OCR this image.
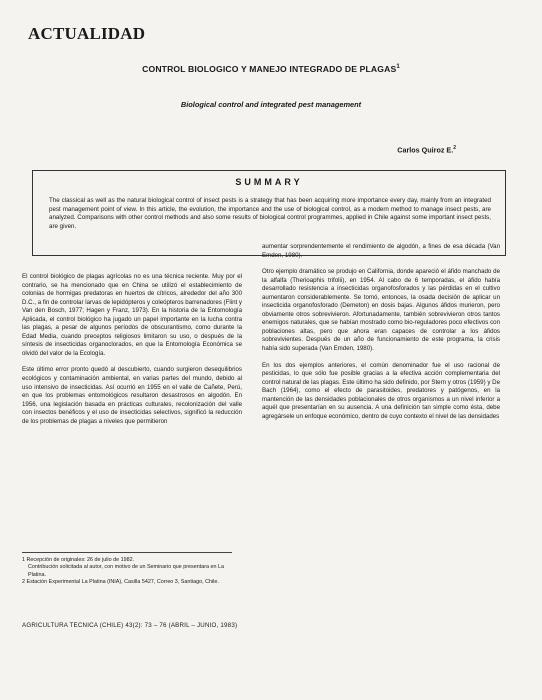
ACTUALIDAD
CONTROL BIOLOGICO Y MANEJO INTEGRADO DE PLAGAS$^1$
Biological control and integrated pest management
Carlos Quiroz E.$^2$
SUMMARY
The classical as well as the natural biological control of insect pests is a strategy that has been acquiring more importance every day, mainly from an integrated pest management point of view. In this article, the evolution, the importance and the use of biological control, as a modern method to manage insect pests, are analyzed. Comparisons with other control methods and also some results of biological control programmes, applied in Chile against some important insect pests, are given.

El control biológico de plagas agrícolas no es una técnica reciente. Muy por el contrario, se ha mencionado que en China se utilizó el establecimiento de colonias de hormigas predatoras en huertos de cítricos, alrededor del año 300 D.C., a fin de controlar larvas de lepidópteros y coleópteros barrenadores (Flint y Van den Bosch, 1977; Hagen y Franz, 1973). En la historia de la Entomología Aplicada, el control biológico ha jugado un papel importante en la lucha contra las plagas, a pesar de algunos períodos de obscurantismo, como durante la Edad Media, cuando preceptos religiosos limitaron su uso, o después de la síntesis de insecticidas organoclorados, en que la Entomología Económica se olvidó del valor de la Ecología.

Este último error pronto quedó al descubierto, cuando surgieron desequilibrios ecológicos y contaminación ambiental, en varias partes del mundo, debido al uso intensivo de insecticidas. Así ocurrió en 1955 en el valle de Cañete, Perú, en que los problemas entomológicos resultaron desastrosos en algodón. En 1956, una legislación basada en prácticas culturales, recolonización del valle con insectos benéficos y el uso de insecticidas selectivos, significó la reducción de los problemas de plagas a niveles que permitieron

aumentar sorprendentemente el rendimiento de algodón, a fines de esa década (Van Emden, 1980).

Otro ejemplo dramático se produjo en California, donde apareció el áfido manchado de la alfalfa (Therioaphis trifolii), en 1954. Al cabo de 6 temporadas, el áfido había desarrollado resistencia a insecticidas organofosforados y las pérdidas en el cultivo aumentaron considerablemente. Se tomó, entonces, la osada decisión de aplicar un insecticida organofosforado (Demeton) en dosis bajas. Algunos áfidos murieron, pero obviamente otros sobrevivieron. Afortunadamente, también sobrevivieron otros tantos enemigos naturales, que se habían mostrado como bio-reguladores poco efectivos con poblaciones altas, pero que ahora eran capaces de controlar a los áfidos sobrevivientes. Después de un año de funcionamiento de este programa, la crisis había sido superada (Van Emden, 1980).

En los dos ejemplos anteriores, el común denominador fue el uso racional de pesticidas, lo que sólo fue posible gracias a la efectiva acción complementaria del control natural de las plagas. Este último ha sido definido, por Stern y otros (1959) y De Bach (1964), como el efecto de parasitoides, predatores y patógenos, en la mantención de las densidades poblacionales de otros organismos a un nivel inferior a aquél que presentarían en su ausencia. A una definición tan simple como ésta, debe agregársele un enfoque económico, dentro de cuyo contexto el nivel de las densidades

1 Recepción de originales: 26 de julio de 1982.

Contribución solicitada al autor, con motivo de un Seminario que presentara en La Platina.

2 Estación Experimental La Platina (INIA), Casilla 5427, Correo 3, Santiago, Chile.

AGRICULTURA TECNICA (CHILE) 43(2): 73 – 76 (ABRIL – JUNIO, 1983)
